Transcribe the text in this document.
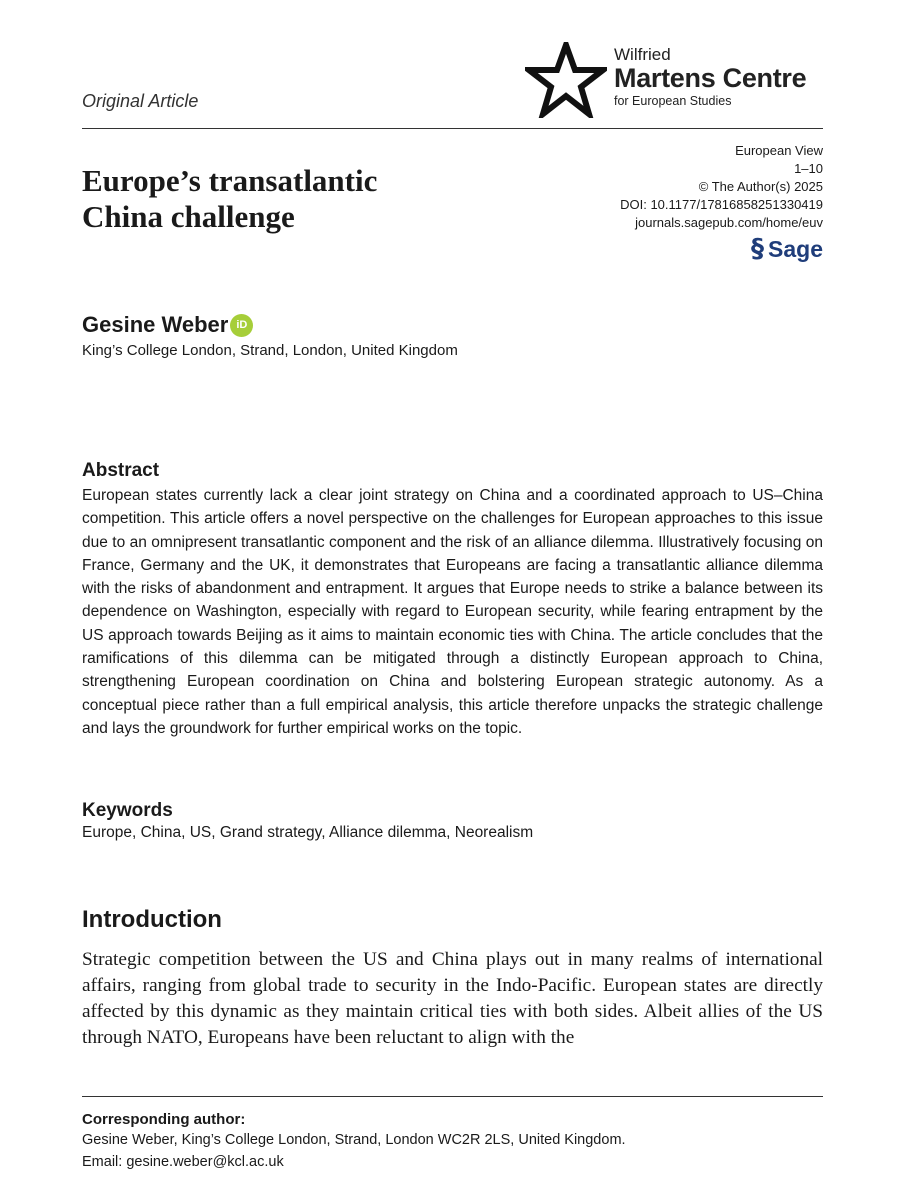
Wilfried
Martens Centre
for European Studies
Original Article
Europe’s transatlantic
China challenge
European View
1–10
© The Author(s) 2025
DOI: 10.1177/17816858251330419
journals.sagepub.com/home/euv
§ Sage
Gesine Weber iD
King’s College London, Strand, London, United Kingdom
Abstract

European states currently lack a clear joint strategy on China and a coordinated approach to US–China competition. This article offers a novel perspective on the challenges for European approaches to this issue due to an omnipresent transatlantic component and the risk of an alliance dilemma. Illustratively focusing on France, Germany and the UK, it demonstrates that Europeans are facing a transatlantic alliance dilemma with the risks of abandonment and entrapment. It argues that Europe needs to strike a balance between its dependence on Washington, especially with regard to European security, while fearing entrapment by the US approach towards Beijing as it aims to maintain economic ties with China. The article concludes that the ramifications of this dilemma can be mitigated through a distinctly European approach to China, strengthening European coordination on China and bolstering European strategic autonomy. As a conceptual piece rather than a full empirical analysis, this article therefore unpacks the strategic challenge and lays the groundwork for further empirical works on the topic.

Keywords

Europe, China, US, Grand strategy, Alliance dilemma, Neorealism

Introduction

Strategic competition between the US and China plays out in many realms of international affairs, ranging from global trade to security in the Indo-Pacific. European states are directly affected by this dynamic as they maintain critical ties with both sides. Albeit allies of the US through NATO, Europeans have been reluctant to align with the

Corresponding author:
Gesine Weber, King’s College London, Strand, London WC2R 2LS, United Kingdom.
Email: gesine.weber@kcl.ac.uk
